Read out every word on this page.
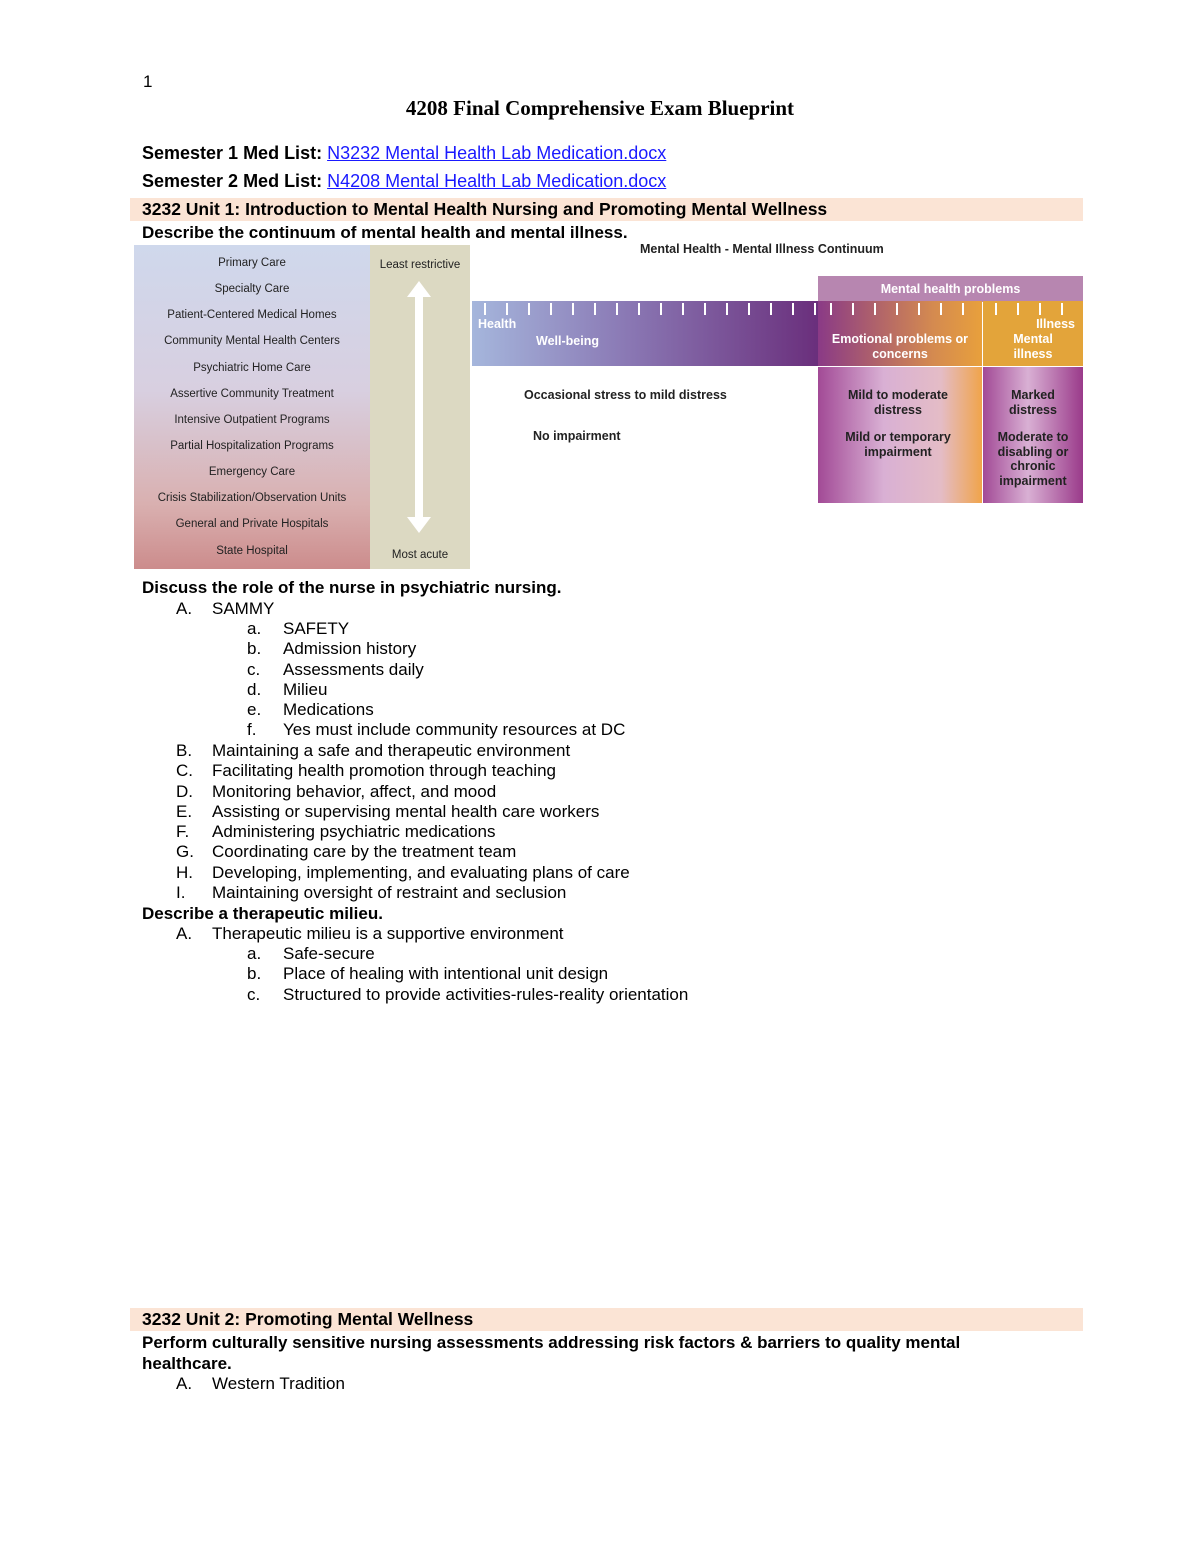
1
4208 Final Comprehensive Exam Blueprint
Semester 1 Med List: N3232 Mental Health Lab Medication.docx
Semester 2 Med List: N4208 Mental Health Lab Medication.docx
3232 Unit 1: Introduction to Mental Health Nursing and Promoting Mental Wellness
Describe the continuum of mental health and mental illness.
Primary Care
Specialty Care
Patient-Centered Medical Homes
Community Mental Health Centers
Psychiatric Home Care
Assertive Community Treatment
Intensive Outpatient Programs
Partial Hospitalization Programs
Emergency Care
Crisis Stabilization/Observation Units
General and Private Hospitals
State Hospital
Least restrictive
Most acute
Mental Health - Mental Illness Continuum
Mental health problems
Health
Well-being	Emotional problems or concerns
Illness
Mental illness
Occasional stress to mild distress
No impairment
Mild to moderate distress
Mild or temporary impairment
Marked distress
Moderate to disabling or chronic impairment
Discuss the role of the nurse in psychiatric nursing.
A. SAMMY
a. SAFETY
b. Admission history
c. Assessments daily
d. Milieu
e. Medications
f. Yes must include community resources at DC
B. Maintaining a safe and therapeutic environment
C. Facilitating health promotion through teaching
D. Monitoring behavior, affect, and mood
E. Assisting or supervising mental health care workers
F. Administering psychiatric medications
G. Coordinating care by the treatment team
H. Developing, implementing, and evaluating plans of care
I. Maintaining oversight of restraint and seclusion
Describe a therapeutic milieu.
A. Therapeutic milieu is a supportive environment
a. Safe-secure
b. Place of healing with intentional unit design
c. Structured to provide activities-rules-reality orientation
3232 Unit 2: Promoting Mental Wellness
Perform culturally sensitive nursing assessments addressing risk factors & barriers to quality mental
healthcare.
A. Western Tradition
